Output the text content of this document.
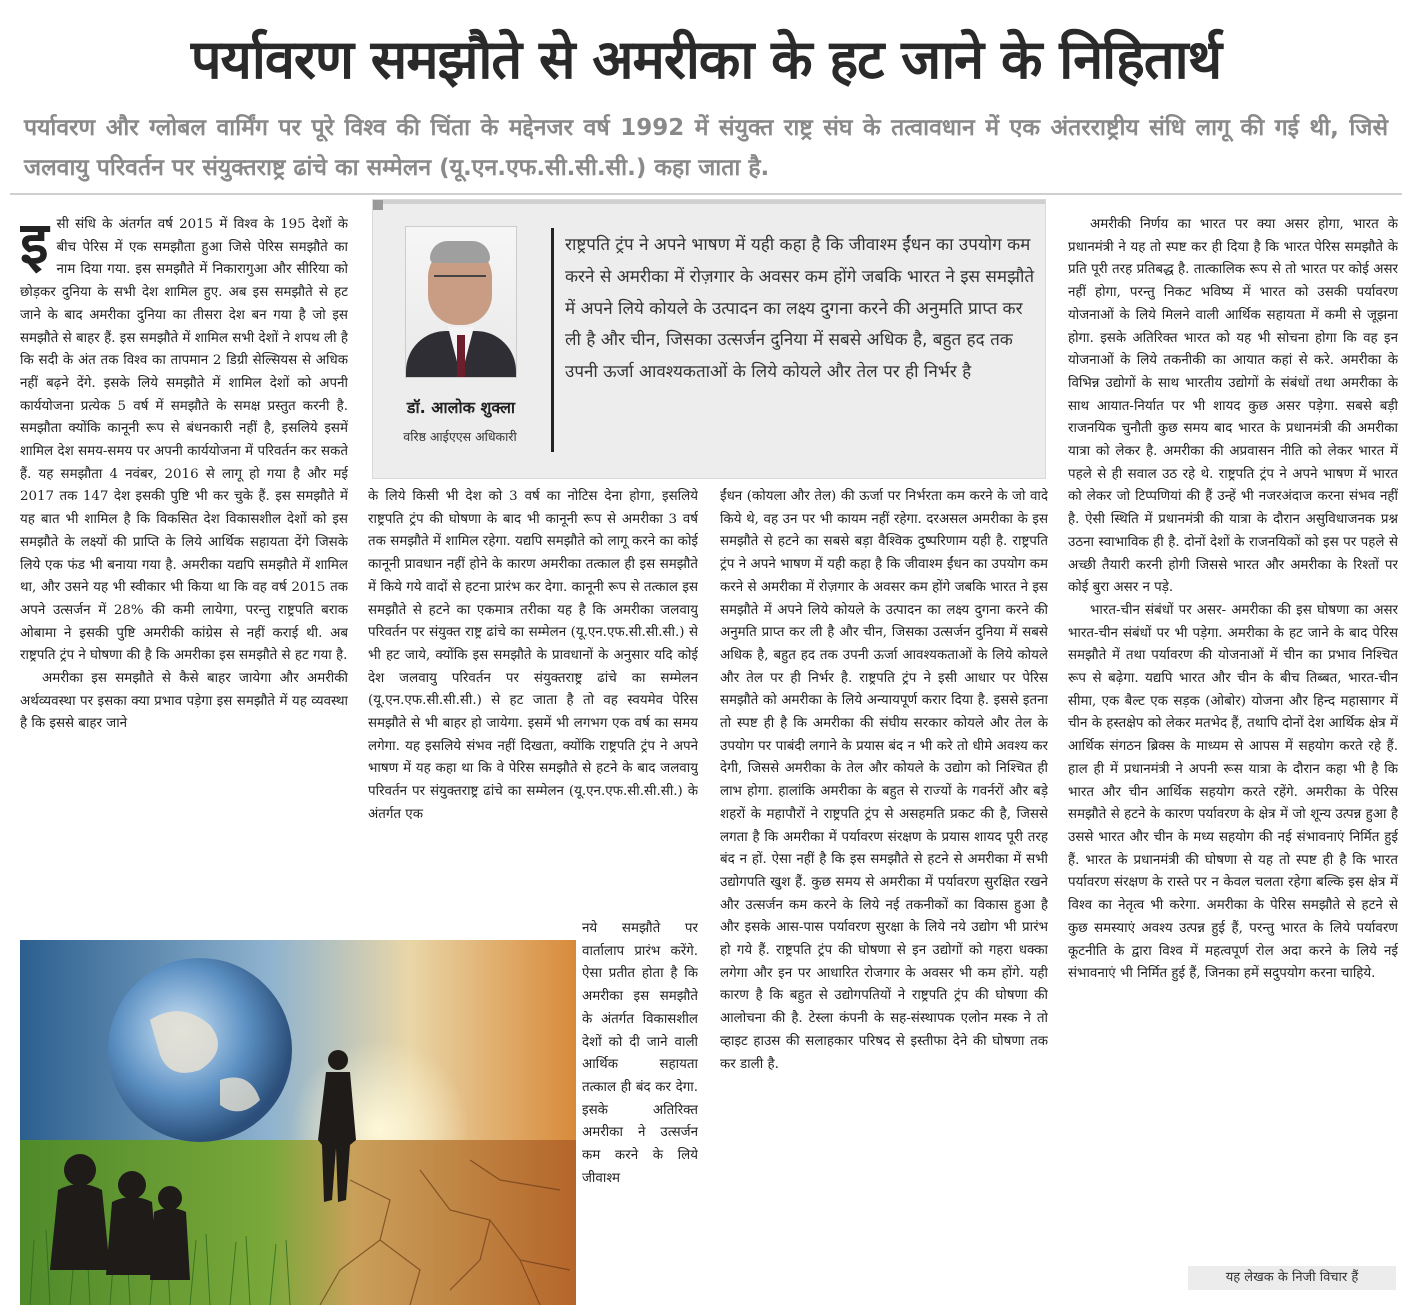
पर्यावरण समझौते से अमरीका के हट जाने के निहितार्थ
पर्यावरण और ग्लोबल वार्मिंग पर पूरे विश्व की चिंता के मद्देनजर वर्ष 1992 में संयुक्त राष्ट्र संघ के तत्वावधान में एक अंतरराष्ट्रीय संधि लागू की गई थी, जिसे जलवायु परिवर्तन पर संयुक्तराष्ट्र ढांचे का सम्मेलन (यू.एन.एफ.सी.सी.सी.) कहा जाता है.

इसी संधि के अंतर्गत वर्ष 2015 में विश्व के 195 देशों के बीच पेरिस में एक समझौता हुआ जिसे पेरिस समझौते का नाम दिया गया. इस समझौते में निकारागुआ और सीरिया को छोड़कर दुनिया के सभी देश शामिल हुए. अब इस समझौते से हट जाने के बाद अमरीका दुनिया का तीसरा देश बन गया है जो इस समझौते से बाहर हैं. इस समझौते में शामिल सभी देशों ने शपथ ली है कि सदी के अंत तक विश्व का तापमान 2 डिग्री सेल्सियस से अधिक नहीं बढ़ने देंगे. इसके लिये समझौते में शामिल देशों को अपनी कार्ययोजना प्रत्येक 5 वर्ष में समझौते के समक्ष प्रस्तुत करनी है. समझौता क्योंकि कानूनी रूप से बंधनकारी नहीं है, इसलिये इसमें शामिल देश समय-समय पर अपनी कार्ययोजना में परिवर्तन कर सकते हैं. यह समझौता 4 नवंबर, 2016 से लागू हो गया है और मई 2017 तक 147 देश इसकी पुष्टि भी कर चुके हैं. इस समझौते में यह बात भी शामिल है कि विकसित देश विकासशील देशों को इस समझौते के लक्ष्यों की प्राप्ति के लिये आर्थिक सहायता देंगे जिसके लिये एक फंड भी बनाया गया है. अमरीका यद्यपि समझौते में शामिल था, और उसने यह भी स्वीकार भी किया था कि वह वर्ष 2015 तक अपने उत्सर्जन में 28% की कमी लायेगा, परन्तु राष्ट्रपति बराक ओबामा ने इसकी पुष्टि अमरीकी कांग्रेस से नहीं कराई थी. अब राष्ट्रपति ट्रंप ने घोषणा की है कि अमरीका इस समझौते से हट गया है.

अमरीका इस समझौते से कैसे बाहर जायेगा और अमरीकी अर्थव्यवस्था पर इसका क्या प्रभाव पड़ेगा इस समझौते में यह व्यवस्था है कि इससे बाहर जाने

डॉ. आलोक शुक्ला
वरिष्ठ आईएएस अधिकारी
राष्ट्रपति ट्रंप ने अपने भाषण में यही कहा है कि जीवाश्म ईंधन का उपयोग कम करने से अमरीका में रोज़गार के अवसर कम होंगे जबकि भारत ने इस समझौते में अपने लिये कोयले के उत्पादन का लक्ष्य दुगना करने की अनुमति प्राप्त कर ली है और चीन, जिसका उत्सर्जन दुनिया में सबसे अधिक है, बहुत हद तक उपनी ऊर्जा आवश्यकताओं के लिये कोयले और तेल पर ही निर्भर है

के लिये किसी भी देश को 3 वर्ष का नोटिस देना होगा, इसलिये राष्ट्रपति ट्रंप की घोषणा के बाद भी कानूनी रूप से अमरीका 3 वर्ष तक समझौते में शामिल रहेगा. यद्यपि समझौते को लागू करने का कोई कानूनी प्रावधान नहीं होने के कारण अमरीका तत्काल ही इस समझौते में किये गये वादों से हटना प्रारंभ कर देगा. कानूनी रूप से तत्काल इस समझौते से हटने का एकमात्र तरीका यह है कि अमरीका जलवायु परिवर्तन पर संयुक्त राष्ट्र ढांचे का सम्मेलन (यू.एन.एफ.सी.सी.सी.) से भी हट जाये, क्योंकि इस समझौते के प्रावधानों के अनुसार यदि कोई देश जलवायु परिवर्तन पर संयुक्तराष्ट्र ढांचे का सम्मेलन (यू.एन.एफ.सी.सी.सी.) से हट जाता है तो वह स्वयमेव पेरिस समझौते से भी बाहर हो जायेगा. इसमें भी लगभग एक वर्ष का समय लगेगा. यह इसलिये संभव नहीं दिखता, क्योंकि राष्ट्रपति ट्रंप ने अपने भाषण में यह कहा था कि वे पेरिस समझौते से हटने के बाद जलवायु परिवर्तन पर संयुक्तराष्ट्र ढांचे का सम्मेलन (यू.एन.एफ.सी.सी.सी.) के अंतर्गत एक

नये समझौते पर वार्तालाप प्रारंभ करेंगे. ऐसा प्रतीत होता है कि अमरीका इस समझौते के अंतर्गत विकासशील देशों को दी जाने वाली आर्थिक सहायता तत्काल ही बंद कर देगा. इसके अतिरिक्त अमरीका ने उत्सर्जन कम करने के लिये जीवाश्म

ईंधन (कोयला और तेल) की ऊर्जा पर निर्भरता कम करने के जो वादे किये थे, वह उन पर भी कायम नहीं रहेगा. दरअसल अमरीका के इस समझौते से हटने का सबसे बड़ा वैश्विक दुष्परिणाम यही है. राष्ट्रपति ट्रंप ने अपने भाषण में यही कहा है कि जीवाश्म ईंधन का उपयोग कम करने से अमरीका में रोज़गार के अवसर कम होंगे जबकि भारत ने इस समझौते में अपने लिये कोयले के उत्पादन का लक्ष्य दुगना करने की अनुमति प्राप्त कर ली है और चीन, जिसका उत्सर्जन दुनिया में सबसे अधिक है, बहुत हद तक उपनी ऊर्जा आवश्यकताओं के लिये कोयले और तेल पर ही निर्भर है. राष्ट्रपति ट्रंप ने इसी आधार पर पेरिस समझौते को अमरीका के लिये अन्यायपूर्ण करार दिया है. इससे इतना तो स्पष्ट ही है कि अमरीका की संघीय सरकार कोयले और तेल के उपयोग पर पाबंदी लगाने के प्रयास बंद न भी करे तो धीमे अवश्य कर देगी, जिससे अमरीका के तेल और कोयले के उद्योग को निश्चित ही लाभ होगा. हालांकि अमरीका के बहुत से राज्यों के गवर्नरों और बड़े शहरों के महापौरों ने राष्ट्रपति ट्रंप से असहमति प्रकट की है, जिससे लगता है कि अमरीका में पर्यावरण संरक्षण के प्रयास शायद पूरी तरह बंद न हों. ऐसा नहीं है कि इस समझौते से हटने से अमरीका में सभी उद्योगपति खुश हैं. कुछ समय से अमरीका में पर्यावरण सुरक्षित रखने और उत्सर्जन कम करने के लिये नई तकनीकों का विकास हुआ है और इसके आस-पास पर्यावरण सुरक्षा के लिये नये उद्योग भी प्रारंभ हो गये हैं. राष्ट्रपति ट्रंप की घोषणा से इन उद्योगों को गहरा धक्का लगेगा और इन पर आधारित रोजगार के अवसर भी कम होंगे. यही कारण है कि बहुत से उद्योगपतियों ने राष्ट्रपति ट्रंप की घोषणा की आलोचना की है. टेस्ला कंपनी के सह-संस्थापक एलोन मस्क ने तो व्हाइट हाउस की सलाहकार परिषद से इस्तीफा देने की घोषणा तक कर डाली है.

अमरीकी निर्णय का भारत पर क्या असर होगा, भारत के प्रधानमंत्री ने यह तो स्पष्ट कर ही दिया है कि भारत पेरिस समझौते के प्रति पूरी तरह प्रतिबद्ध है. तात्कालिक रूप से तो भारत पर कोई असर नहीं होगा, परन्तु निकट भविष्य में भारत को उसकी पर्यावरण योजनाओं के लिये मिलने वाली आर्थिक सहायता में कमी से जूझना होगा. इसके अतिरिक्त भारत को यह भी सोचना होगा कि वह इन योजनाओं के लिये तकनीकी का आयात कहां से करे. अमरीका के विभिन्न उद्योगों के साथ भारतीय उद्योगों के संबंधों तथा अमरीका के साथ आयात-निर्यात पर भी शायद कुछ असर पड़ेगा. सबसे बड़ी राजनयिक चुनौती कुछ समय बाद भारत के प्रधानमंत्री की अमरीका यात्रा को लेकर है. अमरीका की अप्रवासन नीति को लेकर भारत में पहले से ही सवाल उठ रहे थे. राष्ट्रपति ट्रंप ने अपने भाषण में भारत को लेकर जो टिप्पणियां की हैं उन्हें भी नजरअंदाज करना संभव नहीं है. ऐसी स्थिति में प्रधानमंत्री की यात्रा के दौरान असुविधाजनक प्रश्न उठना स्वाभाविक ही है. दोनों देशों के राजनयिकों को इस पर पहले से अच्छी तैयारी करनी होगी जिससे भारत और अमरीका के रिश्तों पर कोई बुरा असर न पड़े.

भारत-चीन संबंधों पर असर- अमरीका की इस घोषणा का असर भारत-चीन संबंधों पर भी पड़ेगा. अमरीका के हट जाने के बाद पेरिस समझौते में तथा पर्यावरण की योजनाओं में चीन का प्रभाव निश्चित रूप से बढ़ेगा. यद्यपि भारत और चीन के बीच तिब्बत, भारत-चीन सीमा, एक बैल्ट एक सड़क (ओबोर) योजना और हिन्द महासागर में चीन के हस्तक्षेप को लेकर मतभेद हैं, तथापि दोनों देश आर्थिक क्षेत्र में आर्थिक संगठन ब्रिक्स के माध्यम से आपस में सहयोग करते रहे हैं. हाल ही में प्रधानमंत्री ने अपनी रूस यात्रा के दौरान कहा भी है कि भारत और चीन आर्थिक सहयोग करते रहेंगे. अमरीका के पेरिस समझौते से हटने के कारण पर्यावरण के क्षेत्र में जो शून्य उत्पन्न हुआ है उससे भारत और चीन के मध्य सहयोग की नई संभावनाएं निर्मित हुई हैं. भारत के प्रधानमंत्री की घोषणा से यह तो स्पष्ट ही है कि भारत पर्यावरण संरक्षण के रास्ते पर न केवल चलता रहेगा बल्कि इस क्षेत्र में विश्व का नेतृत्व भी करेगा. अमरीका के पेरिस समझौते से हटने से कुछ समस्याएं अवश्य उत्पन्न हुई हैं, परन्तु भारत के लिये पर्यावरण कूटनीति के द्वारा विश्व में महत्वपूर्ण रोल अदा करने के लिये नई संभावनाएं भी निर्मित हुई हैं, जिनका हमें सदुपयोग करना चाहिये.

यह लेखक के निजी विचार हैं
